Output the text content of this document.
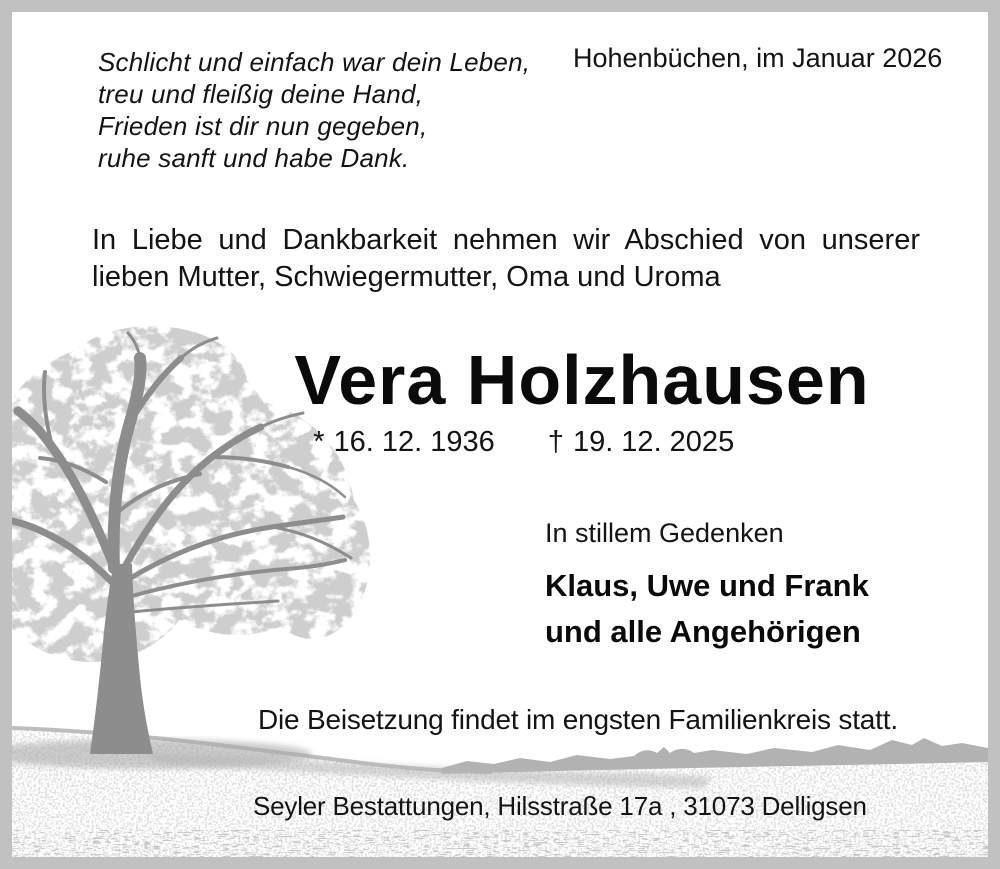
Schlicht und einfach war dein Leben,
treu und fleißig deine Hand,
Frieden ist dir nun gegeben,
ruhe sanft und habe Dank.
Hohenbüchen, im Januar 2026
In Liebe und Dankbarkeit nehmen wir Abschied von unserer
lieben Mutter, Schwiegermutter, Oma und Uroma
Vera Holzhausen
* 16. 12. 1936 † 19. 12. 2025
In stillem Gedenken
Klaus, Uwe und Frank
und alle Angehörigen
Die Beisetzung findet im engsten Familienkreis statt.
Seyler Bestattungen, Hilsstraße 17a , 31073 Delligsen
